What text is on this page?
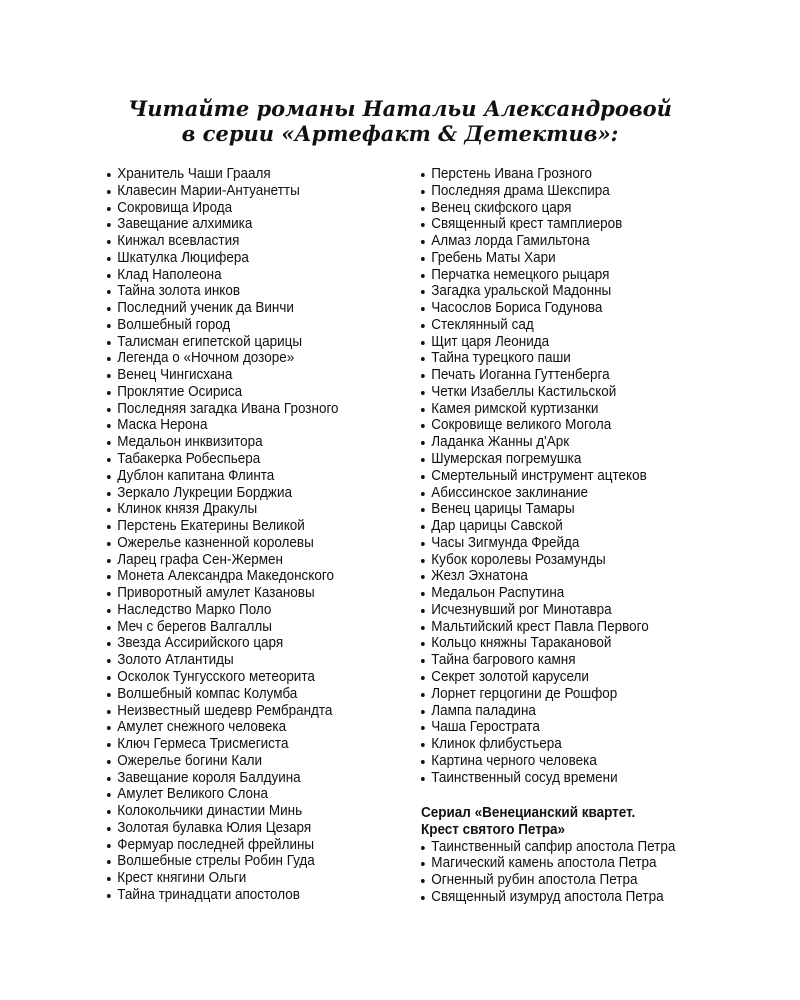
Читайте романы Натальи Александровой
в серии «Артефакт & Детектив»:
Хранитель Чаши Грааля
Клавесин Марии-Антуанетты
Сокровища Ирода
Завещание алхимика
Кинжал всевластия
Шкатулка Люцифера
Клад Наполеона
Тайна золота инков
Последний ученик да Винчи
Волшебный город
Талисман египетской царицы
Легенда о «Ночном дозоре»
Венец Чингисхана
Проклятие Осириса
Последняя загадка Ивана Грозного
Маска Нерона
Медальон инквизитора
Табакерка Робеспьера
Дублон капитана Флинта
Зеркало Лукреции Борджиа
Клинок князя Дракулы
Перстень Екатерины Великой
Ожерелье казненной королевы
Ларец графа Сен-Жермен
Монета Александра Македонского
Приворотный амулет Казановы
Наследство Марко Поло
Меч с берегов Валгаллы
Звезда Ассирийского царя
Золото Атлантиды
Осколок Тунгусского метеорита
Волшебный компас Колумба
Неизвестный шедевр Рембрандта
Амулет снежного человека
Ключ Гермеса Трисмегиста
Ожерелье богини Кали
Завещание короля Балдуина
Амулет Великого Слона
Колокольчики династии Минь
Золотая булавка Юлия Цезаря
Фермуар последней фрейлины
Волшебные стрелы Робин Гуда
Крест княгини Ольги
Тайна тринадцати апостолов
Перстень Ивана Грозного
Последняя драма Шекспира
Венец скифского царя
Священный крест тамплиеров
Алмаз лорда Гамильтона
Гребень Маты Хари
Перчатка немецкого рыцаря
Загадка уральской Мадонны
Часослов Бориса Годунова
Стеклянный сад
Щит царя Леонида
Тайна турецкого паши
Печать Иоганна Гуттенберга
Четки Изабеллы Кастильской
Камея римской куртизанки
Сокровище великого Могола
Ладанка Жанны д'Арк
Шумерская погремушка
Смертельный инструмент ацтеков
Абиссинское заклинание
Венец царицы Тамары
Дар царицы Савской
Часы Зигмунда Фрейда
Кубок королевы Розамунды
Жезл Эхнатона
Медальон Распутина
Исчезнувший рог Минотавра
Мальтийский крест Павла Первого
Кольцо княжны Таракановой
Тайна багрового камня
Секрет золотой карусели
Лорнет герцогини де Рошфор
Лампа паладина
Чаша Герострата
Клинок флибустьера
Картина черного человека
Таинственный сосуд времени
Сериал «Венецианский квартет.
Крест святого Петра»
Таинственный сапфир апостола Петра
Магический камень апостола Петра
Огненный рубин апостола Петра
Священный изумруд апостола Петра
